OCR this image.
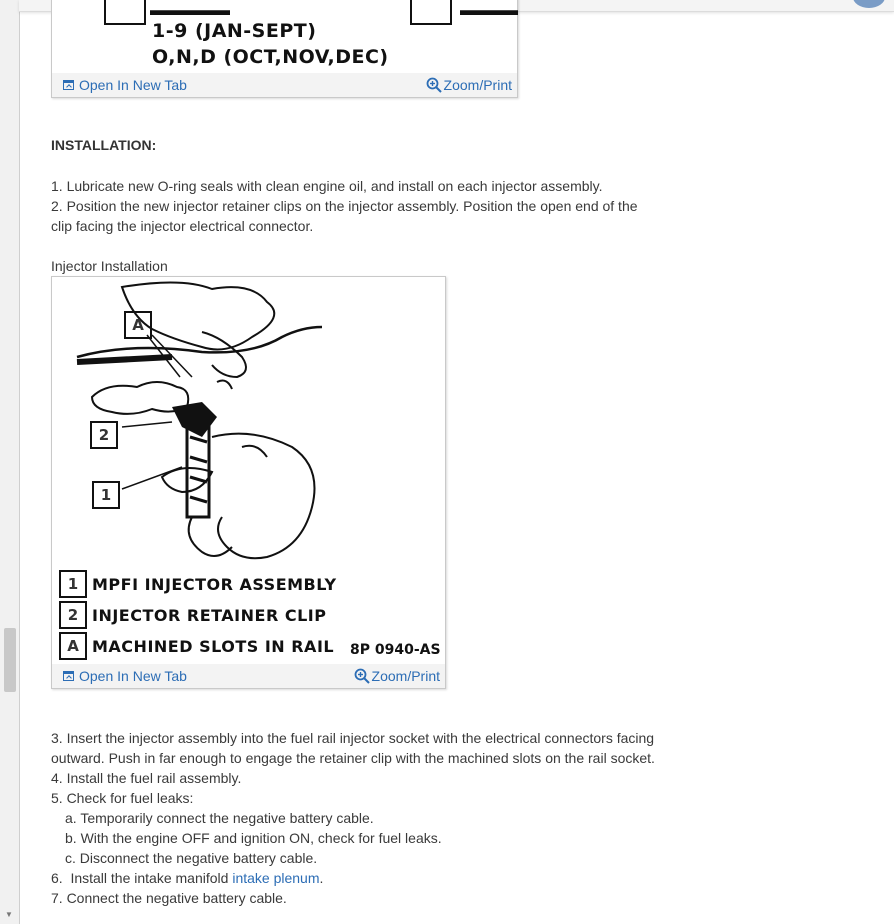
▼
1-9 (JAN-SEPT)
O,N,D (OCT,NOV,DEC)
Open In New Tab	Zoom/Print
INSTALLATION:
1. Lubricate new O-ring seals with clean engine oil, and install on each injector assembly.
2. Position the new injector retainer clips on the injector assembly. Position the open end of the
clip facing the injector electrical connector.
Injector Installation
A
2
1
1 MPFI INJECTOR ASSEMBLY
2 INJECTOR RETAINER CLIP
A MACHINED SLOTS IN RAIL 8P 0940-AS
Open In New Tab	Zoom/Print
3. Insert the injector assembly into the fuel rail injector socket with the electrical connectors facing
outward. Push in far enough to engage the retainer clip with the machined slots on the rail socket.
4. Install the fuel rail assembly.
5. Check for fuel leaks:
a. Temporarily connect the negative battery cable.
b. With the engine OFF and ignition ON, check for fuel leaks.
c. Disconnect the negative battery cable.
6.  Install the intake manifold intake plenum.
7. Connect the negative battery cable.
